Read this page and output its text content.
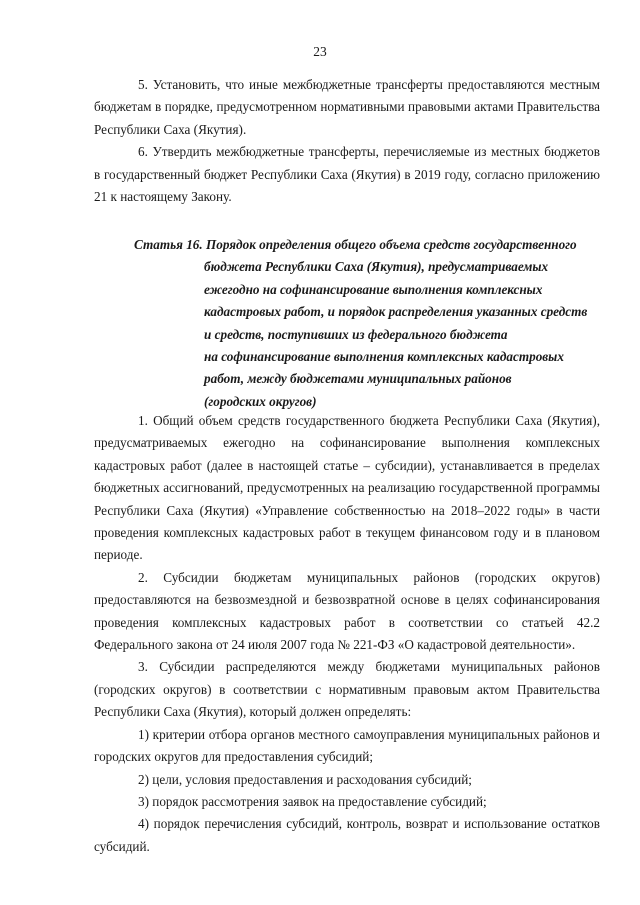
23

5. Установить, что иные межбюджетные трансферты предоставляются местным бюджетам в порядке, предусмотренном нормативными правовыми актами Правительства Республики Саха (Якутия).

6. Утвердить межбюджетные трансферты, перечисляемые из местных бюджетов в государственный бюджет Республики Саха (Якутия) в 2019 году, согласно приложению 21 к настоящему Закону.

Статья 16. Порядок определения общего объема средств государственного
бюджета Республики Саха (Якутия), предусматриваемых
ежегодно на софинансирование выполнения комплексных
кадастровых работ, и порядок распределения указанных средств
и средств, поступивших из федерального бюджета
на софинансирование выполнения комплексных кадастровых
работ, между бюджетами муниципальных районов
(городских округов)

1. Общий объем средств государственного бюджета Республики Саха (Якутия), предусматриваемых ежегодно на софинансирование выполнения комплексных кадастровых работ (далее в настоящей статье – субсидии), устанавливается в пределах бюджетных ассигнований, предусмотренных на реализацию государственной программы Республики Саха (Якутия) «Управление собственностью на 2018–2022 годы» в части проведения комплексных кадастровых работ в текущем финансовом году и в плановом периоде.

2. Субсидии бюджетам муниципальных районов (городских округов) предоставляются на безвозмездной и безвозвратной основе в целях софинансирования проведения комплексных кадастровых работ в соответствии со статьей 42.2 Федерального закона от 24 июля 2007 года № 221-ФЗ «О кадастровой деятельности».

3. Субсидии распределяются между бюджетами муниципальных районов (городских округов) в соответствии с нормативным правовым актом Правительства Республики Саха (Якутия), который должен определять:

1) критерии отбора органов местного самоуправления муниципальных районов и городских округов для предоставления субсидий;

2) цели, условия предоставления и расходования субсидий;

3) порядок рассмотрения заявок на предоставление субсидий;

4) порядок перечисления субсидий, контроль, возврат и использование остатков субсидий.
